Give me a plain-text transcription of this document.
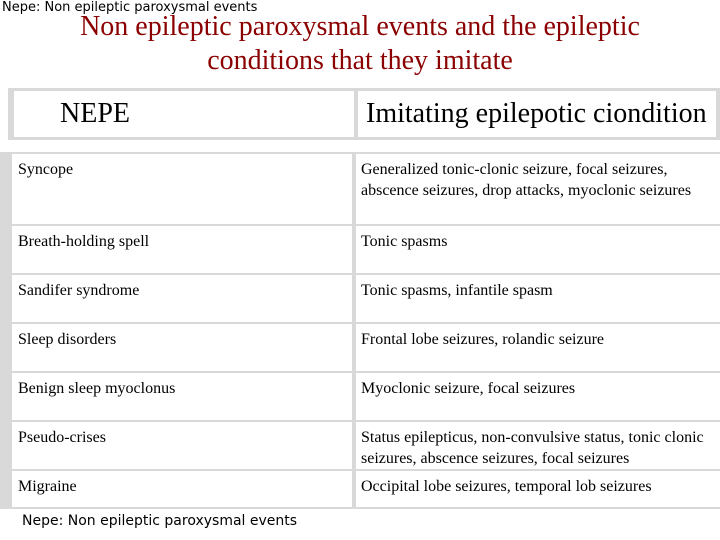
Nepe: Non epileptic paroxysmal events
Non epileptic paroxysmal events and the epileptic
conditions that they imitate
NEPE	Imitating epilepotic ciondition
Syncope	Generalized tonic-clonic seizure, focal seizures, abscence seizures, drop attacks, myoclonic seizures
Breath-holding spell	Tonic spasms
Sandifer syndrome	Tonic spasms, infantile spasm
Sleep disorders	Frontal lobe seizures, rolandic seizure
Benign sleep myoclonus	Myoclonic seizure, focal seizures
Pseudo-crises	Status epilepticus, non-convulsive status, tonic clonic seizures, abscence seizures, focal seizures
Migraine	Occipital lobe seizures, temporal lob seizures
Nepe: Non epileptic paroxysmal events
